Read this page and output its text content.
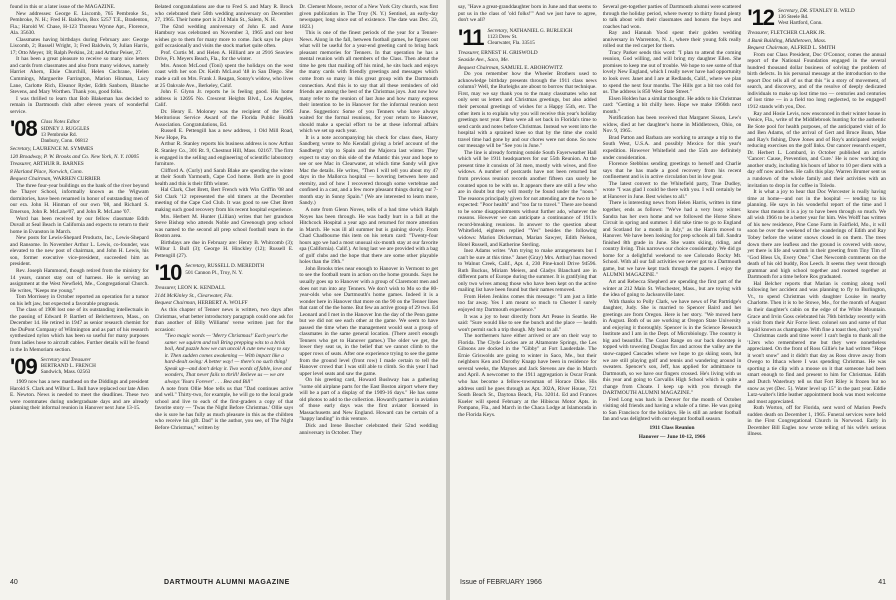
found in this or a later issue of the MAGAZINE.

New addresses: George E. Liscomb, 765 Pembroke St., Pembroke, N. H.; Fred H. Baldwin, Box 5257 T.E., Bradenton, Fla.; Harold W. Chase, H-123 Thoreau Wynne Apt., Florence, Ala. 35630.

Classmates having birthdays during February are: George Liscomb, 2; Russell Wright, 3; Fred Baldwin, 9; Julian Harris, 17; Otto Meyer, 18; Ralph Perkins, 24; and Arthur Peiser, 27.

It has been a great pleasure to receive so many nice letters and cards from classmates and also from many widows, namely Harriet Ahern, Elsie Churchill, Helen Cochrane, Helen Cummings, Marguerite Farrington, Marion Hinman, Lucy Lane, Carlotte Rich, Eleanor Ryder, Edith Sanborn, Blanche Stevens, and Mary Worthen. Thank you, good folks.

I was thrilled to learn that Bob Blakeman has decided to remain in Dartmouth club after eleven years of wonderful service.

'08 Class Notes Editor
SIDNEY J. RUGGLES
13 Pembroke Rd.
Danbury, Conn. 06812

Secretary, LAURENCE M. SYMMES

120 Broadway, P. W. Brooks and Co. New York, N. Y. 10005

Treasurer, ARTHUR R. BARNES

8 Harland Place, Norwich, Conn.

Bequest Chairman, WARREN CURRIER

The three four-year buildings on the bank of the river beyond the Thayer School, informally known as the Wigwam dormitories, have been renamed in honor of outstanding men of our era. John H. Hinman of our own '08, and Richard S. Emerson, John R. McLane'07, and John R. McLane '07.

Word has been received by our fellow classmate Edith Duvall at Seal Beach in California and expects to return to their home in Evanston in March.

New posts for Lewis-Shepard Products, Inc., Lewis-Shepard and Ransome. In November Arthur L. Lewis, co-founder, was elevated to the new post of chairman, and John H. Lewis, his son, former executive vice-president, succeeded him as president.

Rev. Joseph Hammond, though retired from the ministry for 14 years, cannot stay out of harness. He is serving an assignment at the West Newfield, Me., Congregational Church. He writes, "Keeps me young."

Tom Morrissey in October reported an operation for a tumor on his left jaw, but expected a favorable prognosis.

The class of 1908 lost one of its outstanding intellectuals in the passing of Edward P. Bartlett of Belchertown, Mass., on December 14. He retired in 1947 as senior research chemist for the DuPont Company of Wilmington and as part of his research synthesized nylon which has been so useful for many purposes from ladies hose to aircraft cables. Further details will be found in the In Memoriam section.

'09 Secretary and Treasurer
BERTRAND L. FRENCH
Sandwich, Mass. 02563

1909 now has a new masthead on the Diddings and president Harold S. Clark and Wilbur L. Bull have replaced our late Allen E. Newton. News is needed to meet the deadlines. These two were roommates during undergraduate days and are already planning their informal reunion in Hanover next June 13-15.

Belated congratulations are due to Fred S. and Mary R. Brock who celebrated their 50th wedding anniversary on December 27, 1965. Their home port is 214 Main St., Salem, N. H.

The 62nd wedding anniversary of John E. and Anne Hambury was celebrated on November 3, 1965 and our best wishes go to them for many more to come. Jack says he plays golf occasionally and visits the stock market quite often.

Prof. Curtis M. and Helen A. Hilliard are at 2916 Seaview Drive, Ft. Meyers Beach, Fla., for the winter.

Mrs. Anson McLoud (Toni) spent the holidays on the west coast with her son Dr. Keith McLoud '48 in San Diego. She made a call on Mrs. Frank J. Reagan, Sonny's widow, who lives at 25 Oakvale Ave., Berkeley, Calif.

John F. Glynn Jr. reports he is feeling good. His home address is 12695 No. Crescent Heights Blvd., Los Angeles, Calif.

Dr. Henry E. Moloney was the recipient of the 1965 Meritorious Service Award of the Florida Public Health Association. Congratulations, Ed.

Russell E. Pettengill has a new address, 1 Old Mill Road, New Hope, Pa.

Arthur R. Stanley reports his business address is now Arthur R. Stanley Co., 301 Rt. 9, Chestnut Hill, Mass. 02167. The firm is engaged in the selling and engineering of scientific laboratory furniture.

Clifford A. (Curly) and Sarah Blake are spending the winter at their South Yarmouth, Cape Cod home. Both are in good health and this is their fifth winter.

Hal Clark, Chet Brett, Bert French with Win Griffin '08 and Sid Clark '12 represented the old timers at the December meeting of the Cape Cod Club. It was good to see Chet Brett making such good recovery from his recent hospital experience.

Mrs. Herbert M. Hunter (Lillian) writes that her grandson Steve Bishop who attends Noble and Greenough prep school was named to the second all prep school football team in the Boston area.

Birthdays are due in February are: Henry B. Whitcomb (3); Wilbur I. Bull (3); George H. Hinckley (12); Russell E. Pettengill (27).

'10 Secretary, RUSSELL D. MEREDITH
501 Cannon Pl., Troy, N. Y.

Treasurer, LEON K. KENDALL

2144 McKinley St., Clearwater, Fla.

Bequest Chairman, HERBERT A. WOLFF

As this chapter of Tenner news is written, two days after Christmas, what better introductory paragraph could one ask for than another of Billy Williams' verse written just for the occasion:

"Two magic words — 'Merry Christmas!' Each year's the same: we squirm and toil Bring prepping wits to a brisk boil, And puzzle how we can uncoil A cute new way to say it. Then sudden comes awakening — With impact like a hard-dealt swing: A better way! — there's no such thing! Speak up—and don't delay it. Two words of fable, love and wonders, That never fails to thrill! Believe us — we are always 'Yours Forever' . . . Bea and Bill"

A note from Ollie Moe tells us that "Dad continues active and well." Thirty-two, for example, he will go to the local grade school and live to each of the first-graders a copy of that favorite story — 'Twas the Night Before Christmas.' Ollie says she is sure he has fully as much pleasure in this as the children who receive his gift. Dad" is the author, you see, of The Night Before Christmas," written by

Dr. Clement Moore, rector of a New York City church, was first given publication in The Troy (N. Y.) Sentinel, an early-day newspaper, long since out of existence. The date was Dec. 23, 1823.)

This is one of the finest periods of the year for a Tenner-News. Along in the fall, between football games, he figures out what will be useful for a year-end greeting card to bring back pleasant memories for Tenners. In that operation he has a mental reunion with all members of the Class. Then about the time he gets that mailing off his mind, he sits back and enjoys the many cards with friendly greetings and messages which come from so many in this great group with the Dartmouth connection. And this is to say that all these reminders of old friends are among the best of the Christmas joys. Just now how many refer to the reunion of last June and how many express their intention to be in Hanover for the informal reunion next June. Suggestion: Some of you Tenners who have always waited for the formal reunions, for your return to Hanover, should make a special effort to be at these informal affairs which we set up each year.

It is a note accompanying his check for class dues, Harry Sandberg wrote to Mo Kendall giving a brief account of the Sandbergs' trip to Spain and the Majorca last winter. They expect to stay on this side of the Atlantic this year and hope to see or see Mac in Clearwater, at which time Sandy will give Mac the details. He writes, "Then I will tell you about my 47 days in the Mallorca hospital — hovering between here and eternity, and of how I recovered through some vertebrae and confined in a cast, and a few more pleasant things during our 7-month stay in Sunny Spain." (We are interested to learn more, Sandy.)

A note from Glenn Noves, tells of a bad time which Ralph Noyes has been through. He was badly hurt in a fall at the Hitchcock Hospital a year ago and returned for more attention in March. He was ill all summer but is gaining slowly. From Chad Chadbourne this item on his return card: "Twenty-four hours ago we had a most unusual six-month stay at our favorite spa (California). Calif.). At long last we are provided with a bag of golf clubs and the hope that there are some other playable holes than the 19th."

John Brooks tries near enough to Hanover in Vermont to get to see the football team in action on the home grounds. Says he usually goes up to Hanover with a group of Claremont men and does not run into any Tenners. We don't wish to Mo so the 80-year-olds who see Dartmouth's home games. Indeed it is a wonder here in Hanover that more on the 90 on the Tenner lines that cant of the the home. But few an active group of 29 two. Ed Leonard and I met in the Hanover Inn the day of the Penn game but we did not see each other at the game. We seem to have passed the time when the management would seat a group of classmates in the same general location. (There aren't enough Tenners who get to Hanover games.) The older we get, the lower they seat us, in the belief that we cannot climb to the upper rows of seats. After one experience trying to see the game from the ground level (front row) I made certain to tell the Hanover crowd that I was still able to climb. So this year I had upper level seats and saw the game.

On his greeting card, Howard Bushway has a gathering "some old airplane parts for the East Boston airport where they will be a part of a display of the 1909-16 days." He has some old photos to add to the collection. Howard's partner in aviation of those early days was the first aviator licensed in Massachusetts and New England. Howard can be certain of a "happy landing" in this venture.

Dick and Irene Boscher celebrated their 52nd wedding anniversary in October. They

40	DARTMOUTH ALUMNI MAGAZINE

say, "Have a great-granddaughter born in June and that seems to put us in the class of 'old folks!'" And we just have to agree, don't we all?

'11 Secretary, NATHANIEL G. BURLEIGH
1123 Drew St.
Clearwater, Fla. 33515

Treasurer, ERNEST H. GRISWOLD

Seaside Ave., Saco, Me.

Bequest Chairman, SAMUEL E. ABOHOWITZ

Do you remember how the Wheeler Brothers used to acknowledge birthday presents through the 1911 class news column? Well, the Burleighs are about to borrow that technique. First, may we say thank you to the many classmates who not only sent us letters and Christmas greetings, but also added their personal greetings of wishes for a Happy 55th, etc. The other item is to explain why you will receive this year's holiday greetings next year. Plans were all set back in Florida's time to send cards and notes before Christmas. Instead we went into the hospital with a sprained knee so that by the time she could travel time had gone by and our chores were not done. So now our message will be "See you in June."

The line is already forming outside South Fayerweather Hall which will be 1911 headquarters for our 55th Reunion. At the present time it consists of 34 men, mostly with wives, and five widows. A number of postcards have not been returned but from previous reunion records another fifteen can surely be counted upon to be with us. It appears there are still a few who are in doubt but they will mostly be found under the "noon." The reasons principally given for not attending are the two to be expected: "Poor health" and "too far to travel." There are bound to be some disappointments without further ado, whatever the reasons. However we can anticipate a continuance of 1911's record-breaking reunions. In answer to the question about Whitefield, eighteen replied "Yes" besides the following widows: Marion Dickerman, Marian Sawyer, Edith Nelson, Hotel Russell, and Katherine Sterling.

Inez Adams writes "Am trying to make arrangements but I can't be sure at this time." Janet (Gray) Mrs. Arthur) has moved to Walnut Creek, Calif., Apt. 4, 230 Pine-knoll Drive 94596. Ruth Buckus, Miriam Meiers, and Gladys Blanchard are in different parts of Europe during the summer. It is gratifying that only two wives among those who have been kept on the active mailing list have been found but their names removed.

From Helen Jenkins comes this message: "I am just a little too far away. Yes I am meant so much to Chester I surely enjoyed my Dartmouth experience."

It was a joy to hear directly from Art Pease in Seattle. He said: "Sure would like to see the bunch and the place — health won't permit such a trip though. My best to all."

The northerners have either arrived or are on their way to Florida. The Clyde Lockes are at Altamonte Springs, the Les Gibsons are docked in the "Gibby" at Fort Lauderdale. The Ernie Griswolds are going to winter in Saco, Me., but their neighbors Ken and Dorothy Knapp have been in residence for several weeks, the Mayses and Jack Stevens are due in March and April. A newcomer to the 1911 aggregation is Oscar Frank who has become a fellow-townsman of Horace Dike. His address until he goes through as Apt. 302A, River House, 721 South Beach St., Daytona Beach, Fla. 32014. Ed and Frances Kueler will spend February at the Hibiscus Motor Apts. in Pompano, Fla., and March in the Chaca Lodge at Islamorada in the Florida Keys.

Several get-together parties of Dartmouth alumni were scattered through the holiday period, where twenty to thirty found plenty to talk about with their classmates and honors the boys and coaches had won.

Ray and Hannah Yood spent their golden wedding anniversary in Warrenton, N. J., where their young folk really rolled out the red carpet for them.

Tracy Parker sends this word: "I plan to attend the coming reunion, God willing, and will bring my daughter Ellen. She promises to keep me out of trouble. We hope to see some of that lovely New England, which I really never have had opportunity to look over. Janet and I are at Redlands, Calif., where we plan to spend the next four months. The Hills got a bit too cold for us. The address is 850 West State Street."

Elsen Holden has a similar thought. He adds to his Christmas card: "Getting a bit chilly here. Hope we make 1966th next month."

Notification has been received that Margaret Sisson, Lew's widow, died at her daughter's home in Middletown, Ohio, on Nov. 9, 1965.

Brad Patton and Barbara are working to arrange a trip to the South West, U.S.A. and possibly Mexico for this year's expedition. However Whitefield and the 55th are definitely under consideration.

Florence Stebbins sending greetings to herself and Charlie says that he has made a good recovery from his recent confinement and is in active circulation but in low gear.

The latest convert to the Whitefield party, True Dudley, wrote "I was glad I could be there with you. I will certainly be at Hanover in June. Best wishes to all."

There is interesting news from Helen Harris, written in time together, ends as follows: "We've had a very busy winter. Sandra has her own home and we followed the Horse Show Circuit in spring and summer. I did take time to go to England and Scotland for a month in July," as the Harris moved to Hanover. We have been looking for prep schools all fall. Sandra finished 8th grade in June. She wants skiing, riding, and country living. This narrows our choice considerably. We did go home for a delightful weekend to see Colorado Rocky Mt. School. With all our fall activities we never got to a Dartmouth game, but we have kept track through the papers. I enjoy the ALUMNI MAGAZINE."

Art and Rebecca Shepherd are spending the first part of the winter at 212 Main St. Winchester, Mass., but are toying with the idea of going to Jacksonville later.

With thanks to Polly Clark, we have news of Pat Partridge's daughter, Judy. She is married to Spencer Baird and her greetings are from Oregon. Here is her story. "We moved here in August. Both of us are working at Oregon State University and enjoying it thoroughly. Spencer is in the Science Research Institute and I am in the Dept. of Microbiology. The country is big and beautiful. The Coast Range on our back doorstep is topped with towering Douglas firs and across the valley are the snow-capped Cascades where we hope to go skiing soon, but we are still playing golf and tennis and wandering around in sweaters. Spencer's son, Jeff, has applied for admittance to Dartmouth, so we have our fingers crossed. He's living with us this year and going to Corvallis High School which is quite a change from Choate. I keep up with you through the DARTMOUTH ALUMNI MAGAZINE."

Fred Long was back in Denver for the month of October visiting old friends and having a whale of a time. He was going to San Francisco for the holidays. He is still an ardent football fan and was delighted with our elegant football season.

1911 Class Reunion

Hanover — June 10-12, 1966

'12 Secretary, DR. STANLEY B. WELD
136 Steele Rd.
West Hartford, Conn.

Treasurer, FLETCHER CLARK JR.

4 Bank Building, Middletown, Mass.

Bequest Chairman, ALFRED L. SMITH

From our Class President, Doc O'Connor, comes the annual report of the National Foundation engaged in the several hundred thousand dollar business of solving the problem of birth defects. In his personal message at the introduction to the report Doc tells all of us that this "is a story of movement, of search, and discovery, and of the resolve of deeply dedicated individuals to make up lost time too — centuries and centuries of lost time — in a field too long neglected, to be engaged! 1912 stands with you, Doc.

Ray and Hosie Levis, now ensconced in their winter house in Venice, Fla., write of the Middlebrook hunting for the authentic Be Sote pool for health purposes, of the anticipated visit of Jo and Ben Adams, of the arrival of Gert and Bruce Bunn, Mae and Ray's fishing, Dave Jones and of Roy's anticipated weight reducing exercises on the golf links. Our cancer research expert, Dr. Herbert L. Lombard, in October published an article 'Cancer: Cause, Prevention, and Cure.' He is now working on another study, including his hours of labor to 10 per diem with a day off now and then. He calls this play. Warren Brumer sent us a rundown of the whole family and their activities with an invitation to drop in for coffee in Toledo.

It is what a joy to hear that Doc Worcester is really having time at home—and not in the hospital — tending to his planning. He says in his wonderful report of the time and I know that means it is a joy to have been through so much. We all wish 1966 to be a better year for him. Wes Wolff has written of his new residence, Pine Cone Farm in Fairfield, Mo., it will soon be over the weekend of the wanderings of Edith and Ray Tobey before the winter snows closed in on them. The trees down there are leafless and the ground is covered with snow, yet there is life and warmth in their greeting from Tiny Tim of "God Bless Us, Every One." Chet Newcomb comments on the death of his old buddy, Ros Leech. It seems they went through grammar and high school together and roomed together at Dartmouth for a time before Ros graduated.

Hal Belcher reports that Marian is coming along well following her accident and was planning to fly to Burlington, Vt., to spend Christmas with daughter Louise in nearby Charlotte. Then it is to be Stowe, Me., for the month of August in their daughter's cabin on the edge of the White Mountain. Grace and Irvin Goss celebrated his 76th birthday recently with a visit from their Air Force lieut. colonel son and some of that liquid known as champagne. With fine a toast then, don't you?

Christmas cards and time were! I can't begin to thank all the '12ers who remembered me but they were nonetheless appreciated. On the front of Ross Gillie's he had written "Hope it won't snow" and it didn't that day as Ross drove away from Owego to Ithaca where I was spending Christmas. He was sporting a tie clip with a moose on it that someone had been smart enough to find and present to him for Christmas. Edith and Dutch Waterbury tell us that Fort Riley is frozen but no snow as yet (Dec. 5). Water level up 15" in the past year. Eddie Lutz-walter's little leather appointment book was most welcome and most appreciated.

Ruth Worton, off for Florida, sent word of Marion Peed's sudden death on December 1, 1965. Funeral services were held in the First Congregational Church in Norwood. Early in December Bill Eagles now wrote telling of his wife's serious illness.

Issue of FEBRUARY 1966	41
